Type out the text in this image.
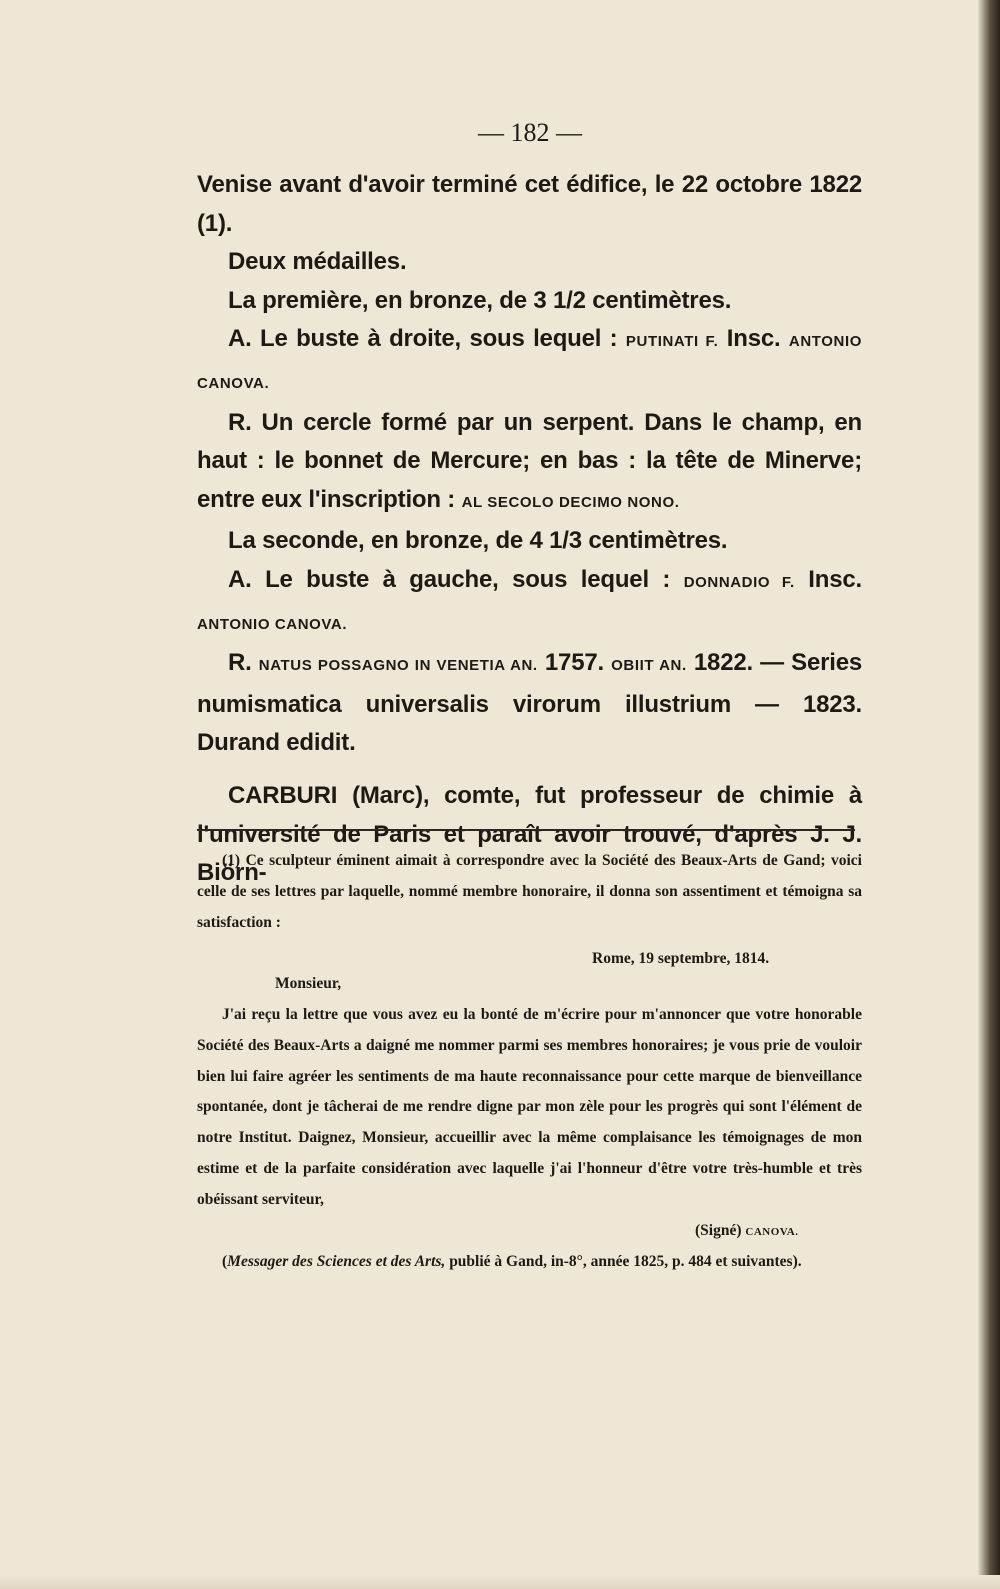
— 182 —

Venise avant d'avoir terminé cet édifice, le 22 octobre 1822 (1).

Deux médailles.

La première, en bronze, de 3 1/2 centimètres.

A. Le buste à droite, sous lequel : PUTINATI F. Insc. ANTONIO CANOVA.

R. Un cercle formé par un serpent. Dans le champ, en haut : le bonnet de Mercure; en bas : la tête de Minerve; entre eux l'inscription : AL SECOLO DECIMO NONO.

La seconde, en bronze, de 4 1/3 centimètres.

A. Le buste à gauche, sous lequel : DONNADIO F. Insc. ANTONIO CANOVA.

R. NATUS POSSAGNO IN VENETIA AN. 1757. OBIIT AN. 1822. — Series numismatica universalis virorum illustrium — 1823. Durand edidit.

CARBURI (Marc), comte, fut professeur de chimie à l'université de Paris et paraît avoir trouvé, d'après J. J. Biörn-

(1) Ce sculpteur éminent aimait à correspondre avec la Société des Beaux-Arts de Gand; voici celle de ses lettres par laquelle, nommé membre honoraire, il donna son assentiment et témoigna sa satisfaction :

Rome, 19 septembre, 1814.

Monsieur,

J'ai reçu la lettre que vous avez eu la bonté de m'écrire pour m'annoncer que votre honorable Société des Beaux-Arts a daigné me nommer parmi ses membres honoraires; je vous prie de vouloir bien lui faire agréer les sentiments de ma haute reconnaissance pour cette marque de bienveillance spontanée, dont je tâcherai de me rendre digne par mon zèle pour les progrès qui sont l'élément de notre Institut. Daignez, Monsieur, accueillir avec la même complaisance les témoignages de mon estime et de la parfaite considération avec laquelle j'ai l'honneur d'être votre très-humble et très obéissant serviteur,

(Signé) CANOVA.

(Messager des Sciences et des Arts, publié à Gand, in-8°, année 1825, p. 484 et suivantes).
